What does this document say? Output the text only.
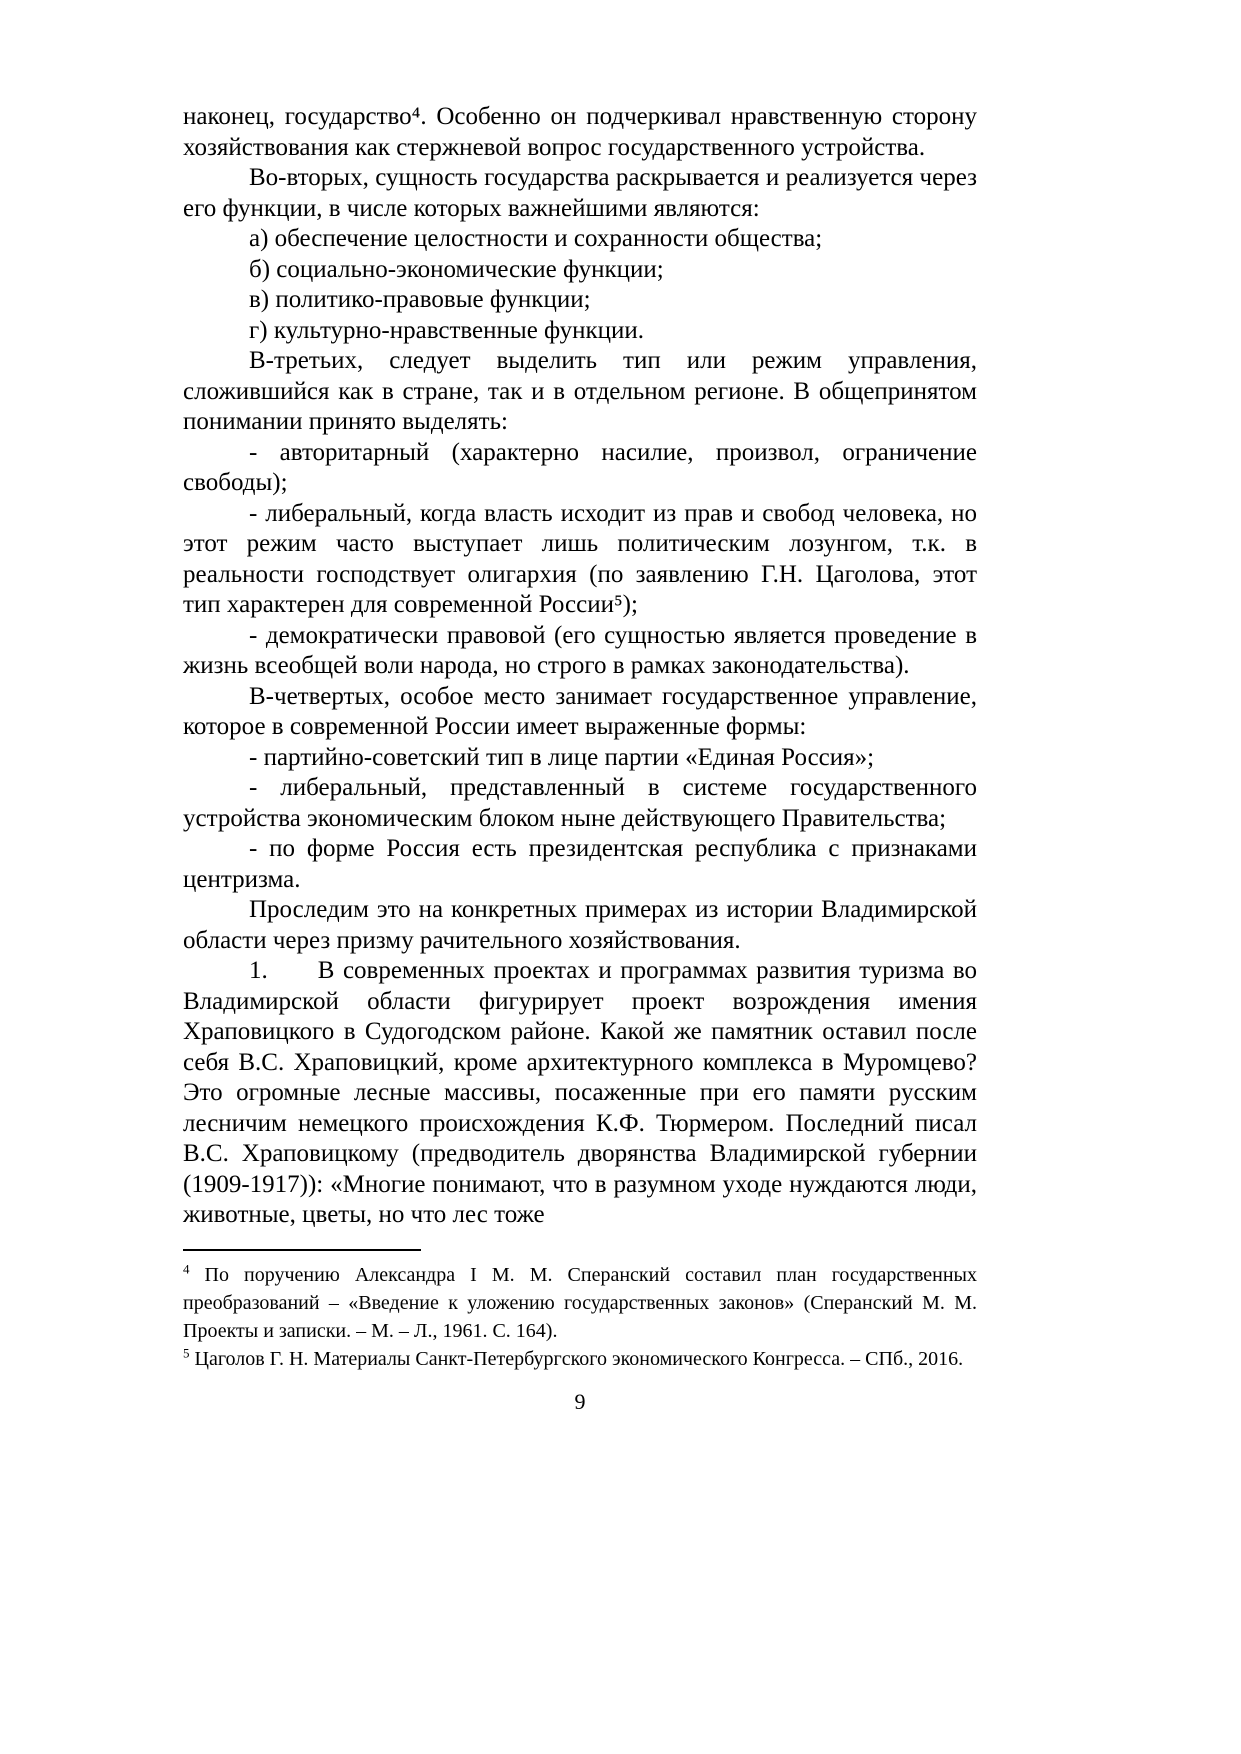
наконец, государство⁴. Особенно он подчеркивал нравственную сторону хозяйствования как стержневой вопрос государственного устройства.

Во-вторых, сущность государства раскрывается и реализуется через его функции, в числе которых важнейшими являются:

а) обеспечение целостности и сохранности общества;

б) социально-экономические функции;

в) политико-правовые функции;

г) культурно-нравственные функции.

В-третьих, следует выделить тип или режим управления, сложившийся как в стране, так и в отдельном регионе. В общепринятом понимании принято выделять:

- авторитарный (характерно насилие, произвол, ограничение свободы);

- либеральный, когда власть исходит из прав и свобод человека, но этот режим часто выступает лишь политическим лозунгом, т.к. в реальности господствует олигархия (по заявлению Г.Н. Цаголова, этот тип характерен для современной России⁵);

- демократически правовой (его сущностью является проведение в жизнь всеобщей воли народа, но строго в рамках законодательства).

В-четвертых, особое место занимает государственное управление, которое в современной России имеет выраженные формы:

- партийно-советский тип в лице партии «Единая Россия»;

- либеральный, представленный в системе государственного устройства экономическим блоком ныне действующего Правительства;

- по форме Россия есть президентская республика с признаками центризма.

Проследим это на конкретных примерах из истории Владимирской области через призму рачительного хозяйствования.

1.  В современных проектах и программах развития туризма во Владимирской области фигурирует проект возрождения имения Храповицкого в Судогодском районе. Какой же памятник оставил после себя В.С. Храповицкий, кроме архитектурного комплекса в Муромцево? Это огромные лесные массивы, посаженные при его памяти русским лесничим немецкого происхождения К.Ф. Тюрмером. Последний писал В.С. Храповицкому (предводитель дворянства Владимирской губернии (1909-1917)): «Многие понимают, что в разумном уходе нуждаются люди, животные, цветы, но что лес тоже

$^4$ По поручению Александра I М. М. Сперанский составил план государственных преобразований – «Введение к уложению государственных законов» (Сперанский М. М. Проекты и записки. – М. – Л., 1961. С. 164).

$^5$ Цаголов Г. Н. Материалы Санкт-Петербургского экономического Конгресса. – СПб., 2016.

9
